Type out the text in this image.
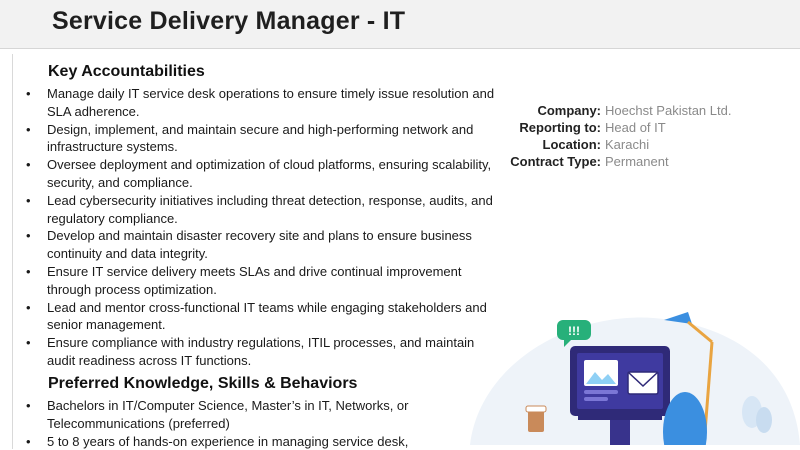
Service Delivery Manager - IT
Key Accountabilities
• Manage daily IT service desk operations to ensure timely issue resolution and SLA adherence.
• Design, implement, and maintain secure and high-performing network and infrastructure systems.
• Oversee deployment and optimization of cloud platforms, ensuring scalability, security, and compliance.
• Lead cybersecurity initiatives including threat detection, response, audits, and regulatory compliance.
• Develop and maintain disaster recovery site and plans to ensure business continuity and data integrity.
• Ensure IT service delivery meets SLAs and drive continual improvement through process optimization.
• Lead and mentor cross-functional IT teams while engaging stakeholders and senior management.
• Ensure compliance with industry regulations, ITIL processes, and maintain audit readiness across IT functions.
Preferred Knowledge, Skills & Behaviors
• Bachelors in IT/Computer Science, Master’s in IT, Networks, or Telecommunications (preferred)
• 5 to 8 years of hands-on experience in managing service desk,
Company: Hoechst Pakistan Ltd.
Reporting to: Head of IT
Location: Karachi
Contract Type: Permanent
!!!
